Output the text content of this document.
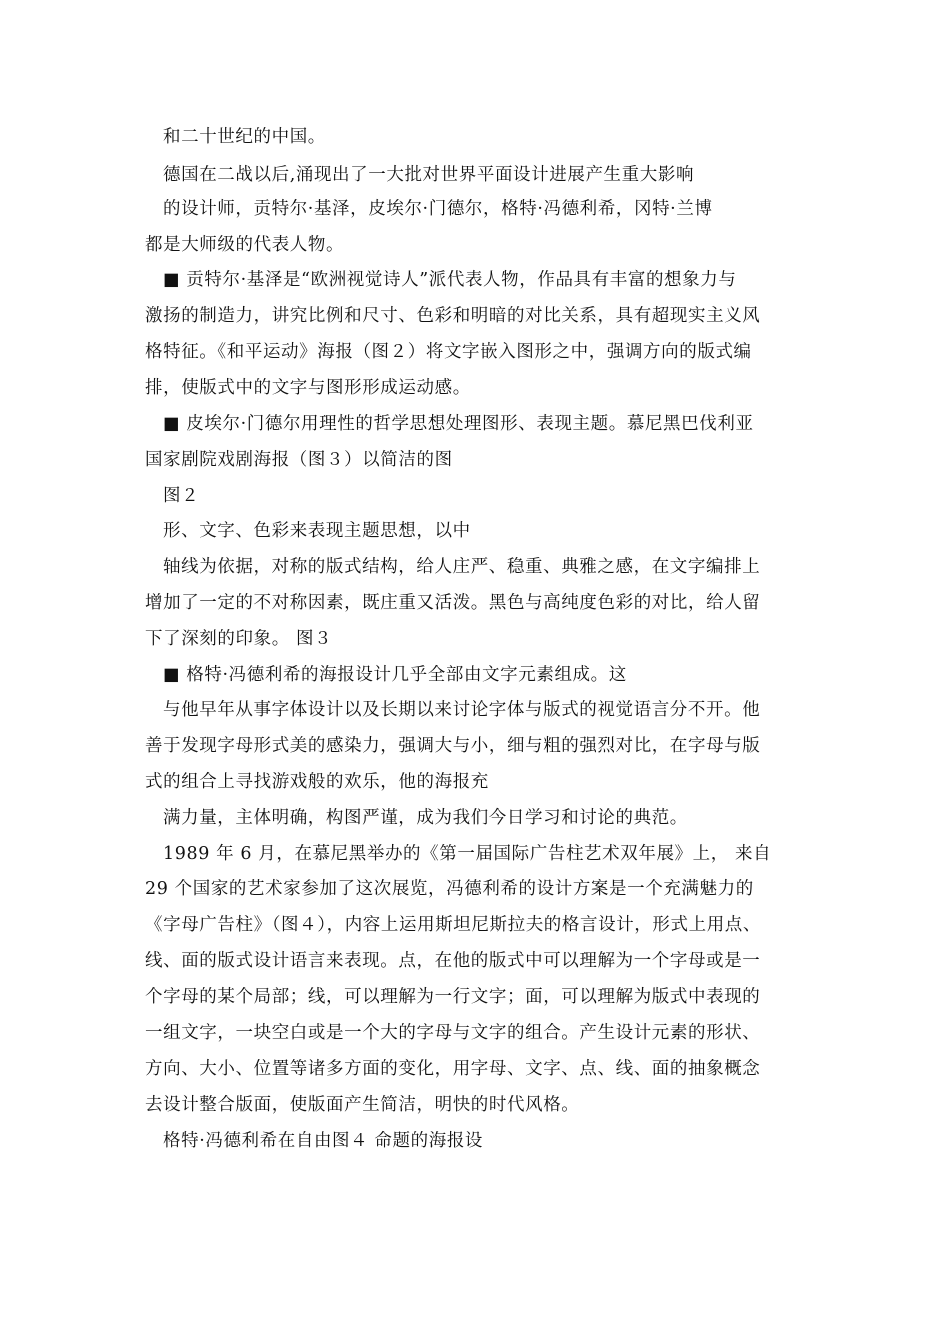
和二十世纪的中国。
德国在二战以后,涌现出了一大批对世界平面设计进展产生重大影响
的设计师，贡特尔·基泽，皮埃尔·门德尔，格特·冯德利希，冈特·兰博
都是大师级的代表人物。
■ 贡特尔·基泽是“欧洲视觉诗人”派代表人物，作品具有丰富的想象力与
激扬的制造力，讲究比例和尺寸、色彩和明暗的对比关系，具有超现实主义风
格特征。《和平运动》海报（图２）将文字嵌入图形之中，强调方向的版式编
排，使版式中的文字与图形形成运动感。
■ 皮埃尔·门德尔用理性的哲学思想处理图形、表现主题。慕尼黑巴伐利亚
国家剧院戏剧海报（图３）以简洁的图
图２
形、文字、色彩来表现主题思想，以中
轴线为依据，对称的版式结构，给人庄严、稳重、典雅之感，在文字编排上
增加了一定的不对称因素，既庄重又活泼。黑色与高纯度色彩的对比，给人留
下了深刻的印象。 图３
■ 格特·冯德利希的海报设计几乎全部由文字元素组成。这
与他早年从事字体设计以及长期以来讨论字体与版式的视觉语言分不开。他
善于发现字母形式美的感染力，强调大与小，细与粗的强烈对比，在字母与版
式的组合上寻找游戏般的欢乐，他的海报充
满力量，主体明确，构图严谨，成为我们今日学习和讨论的典范。
1989 年 6 月，在慕尼黑举办的《第一届国际广告柱艺术双年展》上， 来自
29 个国家的艺术家参加了这次展览，冯德利希的设计方案是一个充满魅力的
《字母广告柱》（图４），内容上运用斯坦尼斯拉夫的格言设计，形式上用点、
线、面的版式设计语言来表现。点，在他的版式中可以理解为一个字母或是一
个字母的某个局部；线，可以理解为一行文字；面，可以理解为版式中表现的
一组文字，一块空白或是一个大的字母与文字的组合。产生设计元素的形状、
方向、大小、位置等诸多方面的变化，用字母、文字、点、线、面的抽象概念
去设计整合版面，使版面产生简洁，明快的时代风格。
格特·冯德利希在自由图４ 命题的海报设
